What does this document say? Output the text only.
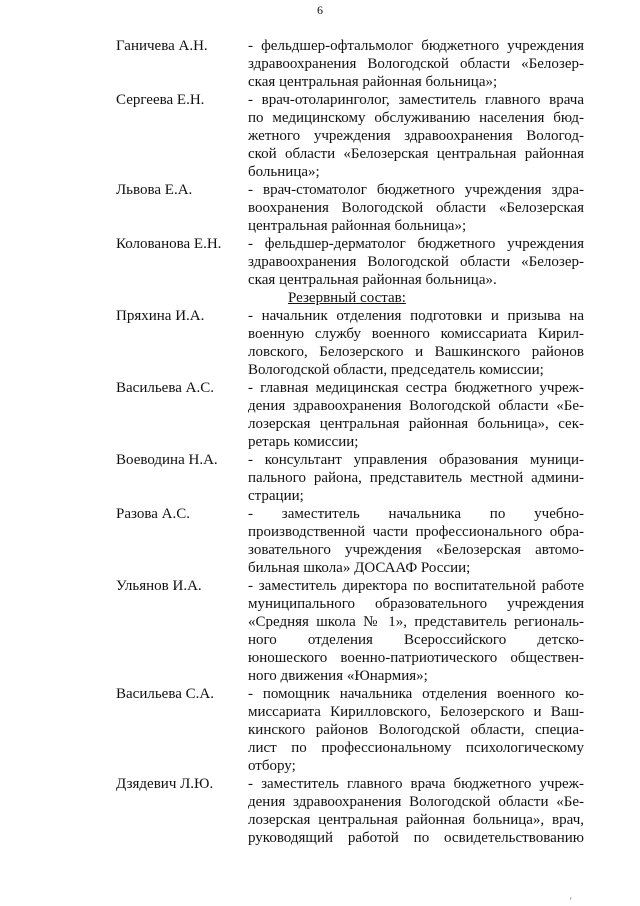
6
Ганичева А.Н.	- фельдшер-офтальмолог бюджетного учреждения
здравоохранения Вологодской области «Белозер-
ская центральная районная больница»;
Сергеева Е.Н.	- врач-отоларинголог, заместитель главного врача
по медицинскому обслуживанию населения бюд-
жетного учреждения здравоохранения Вологод-
ской области «Белозерская центральная районная
больница»;
Львова Е.А.	- врач-стоматолог бюджетного учреждения здра-
воохранения Вологодской области «Белозерская
центральная районная больница»;
Колованова Е.Н.	- фельдшер-дерматолог бюджетного учреждения
здравоохранения Вологодской области «Белозер-
ская центральная районная больница».
Резервный состав:
Пряхина И.А.	- начальник отделения подготовки и призыва на
военную службу военного комиссариата Кирил-
ловского, Белозерского и Вашкинского районов
Вологодской области, председатель комиссии;
Васильева А.С.	- главная медицинская сестра бюджетного учреж-
дения здравоохранения Вологодской области «Бе-
лозерская центральная районная больница», сек-
ретарь комиссии;
Воеводина Н.А.	- консультант управления образования муници-
пального района, представитель местной админи-
страции;
Разова А.С.	- заместитель начальника по учебно-
производственной части профессионального обра-
зовательного учреждения «Белозерская автомо-
бильная школа» ДОСААФ России;
Ульянов И.А.	- заместитель директора по воспитательной работе
муниципального образовательного учреждения
«Средняя школа № 1», представитель региональ-
ного отделения Всероссийского детско-
юношеского военно-патриотического обществен-
ного движения «Юнармия»;
Васильева С.А.	- помощник начальника отделения военного ко-
миссариата Кирилловского, Белозерского и Ваш-
кинского районов Вологодской области, специа-
лист по профессиональному психологическому
отбору;
Дзядевич Л.Ю.	- заместитель главного врача бюджетного учреж-
дения здравоохранения Вологодской области «Бе-
лозерская центральная районная больница», врач,
руководящий работой по освидетельствованию
'
